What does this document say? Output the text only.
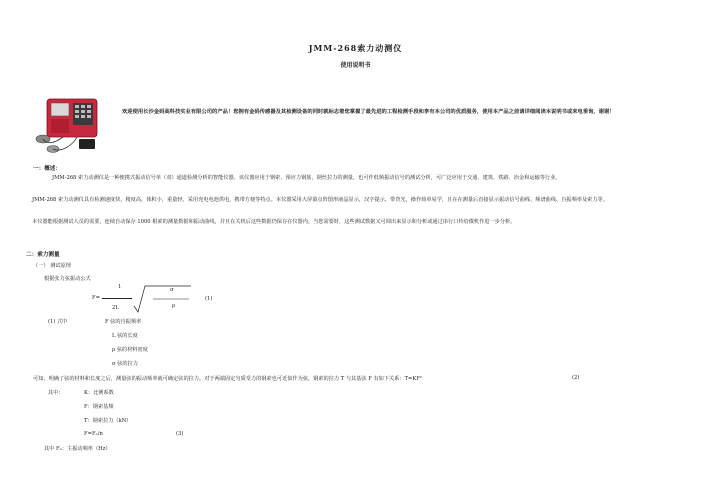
JMM-268索力动测仪
使用说明书
欢迎使用长沙金码高科技实业有限公司的产品！您拥有金码传感器及其检测设备的同时就标志着您掌握了最先进的工程检测手段和享有本公司的优质服务，使用本产品之前请详细阅读本说明书或来电垂询，谢谢！
一：概述：
JMM-268 索力动测仪是一种便携式振动信号单（双）通道检测分析的智能仪器。该仪器应用于钢索、预应力钢筋，钢丝拉力的测量，也可作低频振动信号的测试分析，可广泛应用于交通、建筑、铁路、冶金和运输等行业。
JMM-268 索力动测仪具有检测速度快，精度高，体积小，重量轻，采用充电电池供电，携带方便等特点。本仪器采用大屏幕点阵图形液晶显示，汉字提示，带背光，操作简单易学，且在在测量后直接显示振动信号曲线、频谱曲线、自振频率及索力等。
本仪器能根据测试人员的需要，连续自动保存 1000 根索的测量数据和振动曲线，并且在关机后这些数据仍保存在仪器内。当您需要时，这些测试数据又可调出来显示和分析或通过串行口传给微机作进一步分析。
二：索力测量
（一） 测试原理
根据张力弦振动公式
1
F=
2L
σ
ρ
(1)
(1) 式中	F 弦的自振频率
L 弦的长度
ρ 弦的材料密度
σ 弦的拉力
可知，明确了弦的材料和长度之后，测量弦的振动频率就可确定弦的拉力。对于两端固定匀质受力的钢索也可近似作为弦，钢索的拉力 T 与其基弦 F 有如下关系：T=KF²	(2)
其中：	K：比例系数
F：钢索基频
T：钢索拉力（kN）
F=Fₙ/n	(3)
其中 Fₙ：主振动频率（Hz）
